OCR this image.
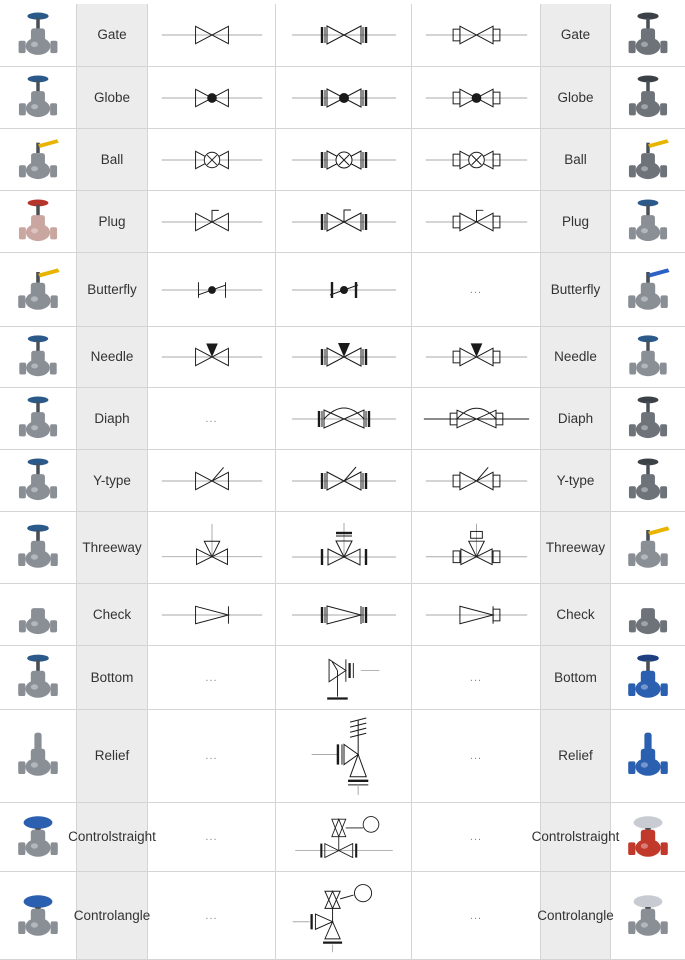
Gate	Gate
Globe	Globe
Ball	Ball
Plug	Plug
Butterfly	...	Butterfly
Needle	Needle
Diaph	...	Diaph
Y-type	Y-type
Three way	Three way
Check	Check
Bottom	...	...	Bottom
Relief	...	...	Relief
Control straight	...	...	Control straight
Control angle	...	...	Control angle
